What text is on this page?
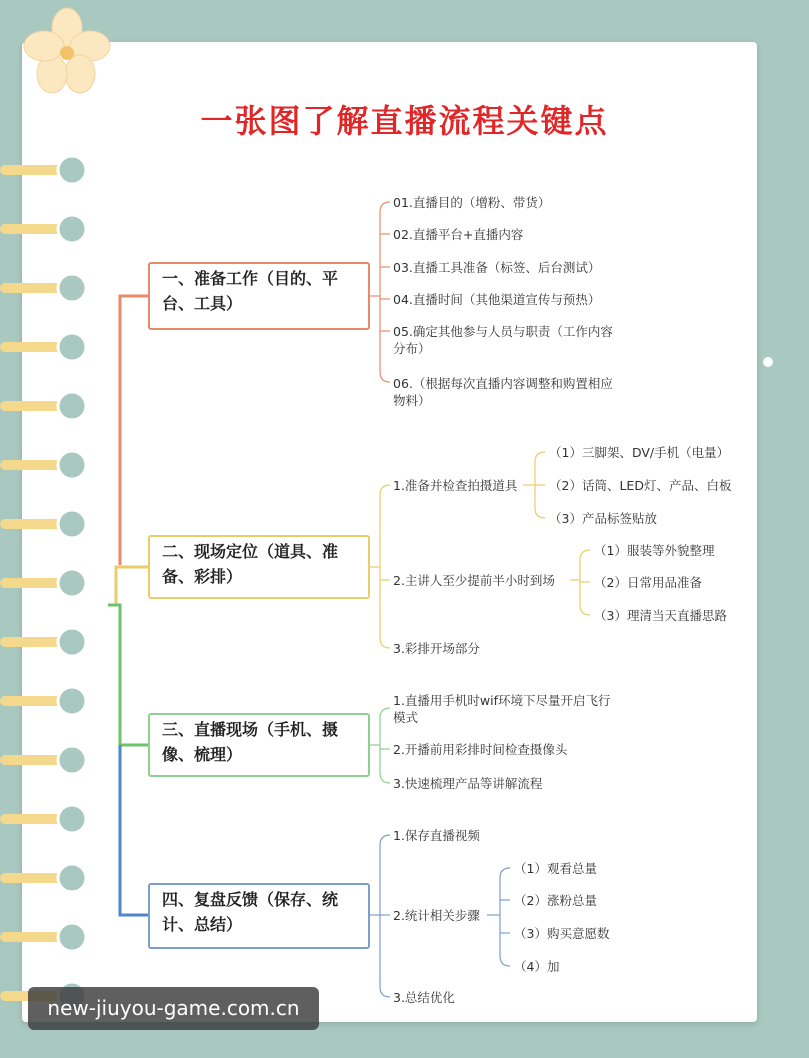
一张图了解直播流程关键点
一、准备工作（目的、平台、工具）
二、现场定位（道具、准备、彩排）
三、直播现场（手机、摄像、梳理）
四、复盘反馈（保存、统计、总结）
01.直播目的（增粉、带货）
02.直播平台+直播内容
03.直播工具准备（标签、后台测试）
04.直播时间（其他渠道宣传与预热）
05.确定其他参与人员与职责（工作内容分布）
06.（根据每次直播内容调整和购置相应物料）
1.准备并检查拍摄道具
2.主讲人至少提前半小时到场
3.彩排开场部分
（1）三脚架、DV/手机（电量）
（2）话筒、LED灯、产品、白板
（3）产品标签贴放
（1）服装等外貌整理
（2）日常用品准备
（3）理清当天直播思路
1.直播用手机时wif环境下尽量开启飞行模式
2.开播前用彩排时间检查摄像头
3.快速梳理产品等讲解流程
1.保存直播视频
2.统计相关步骤
3.总结优化
（1）观看总量
（2）涨粉总量
（3）购买意愿数
（4）加
new-jiuyou-game.com.cn
